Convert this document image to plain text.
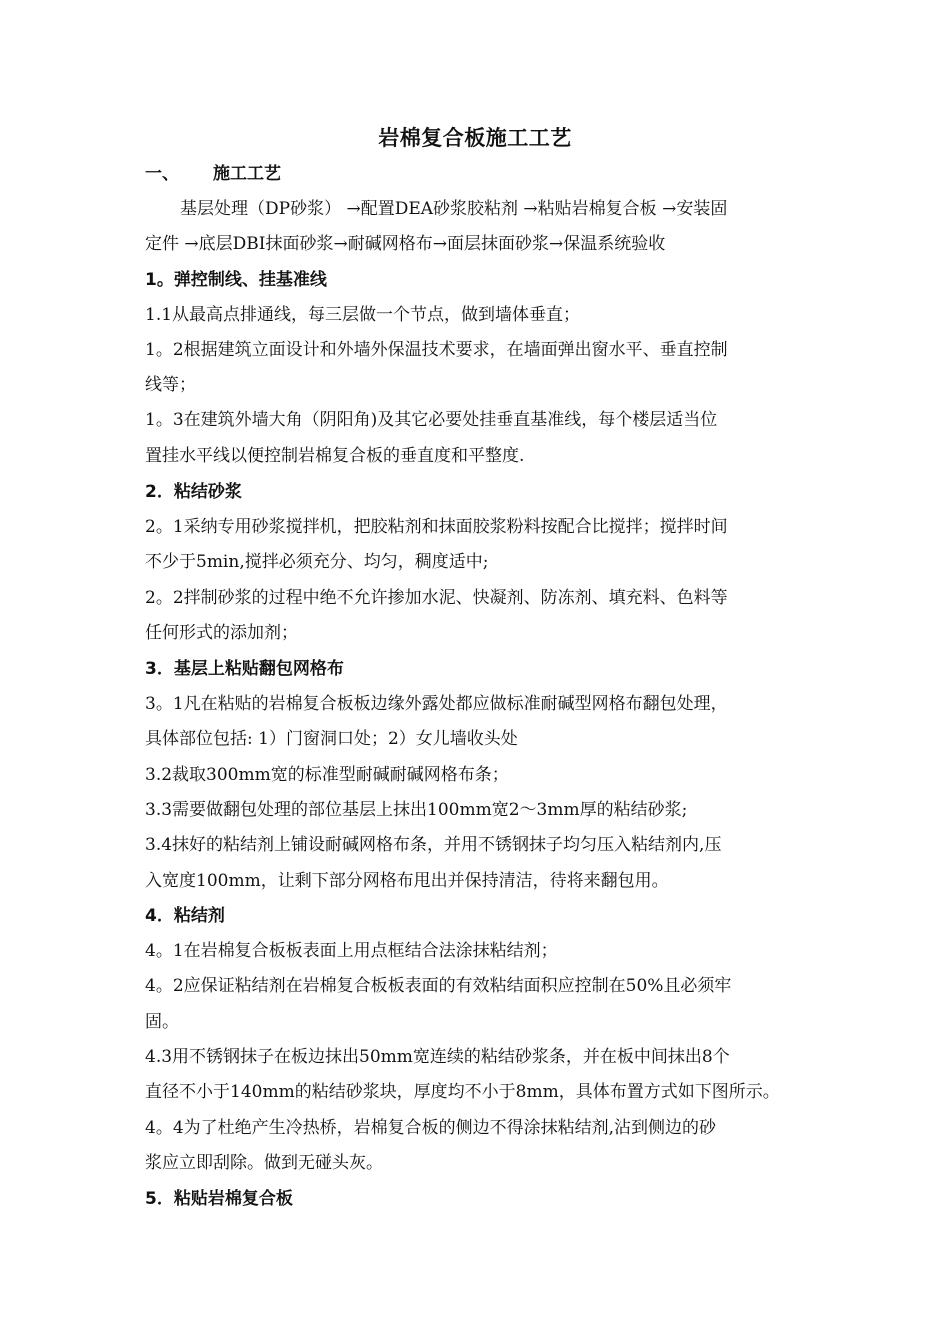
岩棉复合板施工工艺
一、 施工工艺
基层处理（DP砂浆） →配置DEA砂浆胶粘剂 →粘贴岩棉复合板 →安装固
定件 →底层DBI抹面砂浆→耐碱网格布→面层抹面砂浆→保温系统验收
1。弹控制线、挂基准线
1.1从最高点排通线，每三层做一个节点，做到墙体垂直；
1。2根据建筑立面设计和外墙外保温技术要求，在墙面弹出窗水平、垂直控制
线等；
1。3在建筑外墙大角（阴阳角)及其它必要处挂垂直基准线，每个楼层适当位
置挂水平线以便控制岩棉复合板的垂直度和平整度.
2．粘结砂浆
2。1采纳专用砂浆搅拌机，把胶粘剂和抹面胶浆粉料按配合比搅拌；搅拌时间
不少于5min,搅拌必须充分、均匀，稠度适中;
2。2拌制砂浆的过程中绝不允许掺加水泥、快凝剂、防冻剂、填充料、色料等
任何形式的添加剂；
3．基层上粘贴翻包网格布
3。1凡在粘贴的岩棉复合板板边缘外露处都应做标准耐碱型网格布翻包处理，
具体部位包括: 1）门窗洞口处；2）女儿墙收头处
3.2裁取300mm宽的标准型耐碱耐碱网格布条；
3.3需要做翻包处理的部位基层上抹出100mm宽2～3mm厚的粘结砂浆;
3.4抹好的粘结剂上铺设耐碱网格布条，并用不锈钢抹子均匀压入粘结剂内,压
入宽度100mm，让剩下部分网格布甩出并保持清洁，待将来翻包用。
4．粘结剂
4。1在岩棉复合板板表面上用点框结合法涂抹粘结剂；
4。2应保证粘结剂在岩棉复合板板表面的有效粘结面积应控制在50%且必须牢
固。
4.3用不锈钢抹子在板边抹出50mm宽连续的粘结砂浆条，并在板中间抹出8个
直径不小于140mm的粘结砂浆块，厚度均不小于8mm，具体布置方式如下图所示。
4。4为了杜绝产生冷热桥，岩棉复合板的侧边不得涂抹粘结剂,沾到侧边的砂
浆应立即刮除。做到无碰头灰。
5．粘贴岩棉复合板
